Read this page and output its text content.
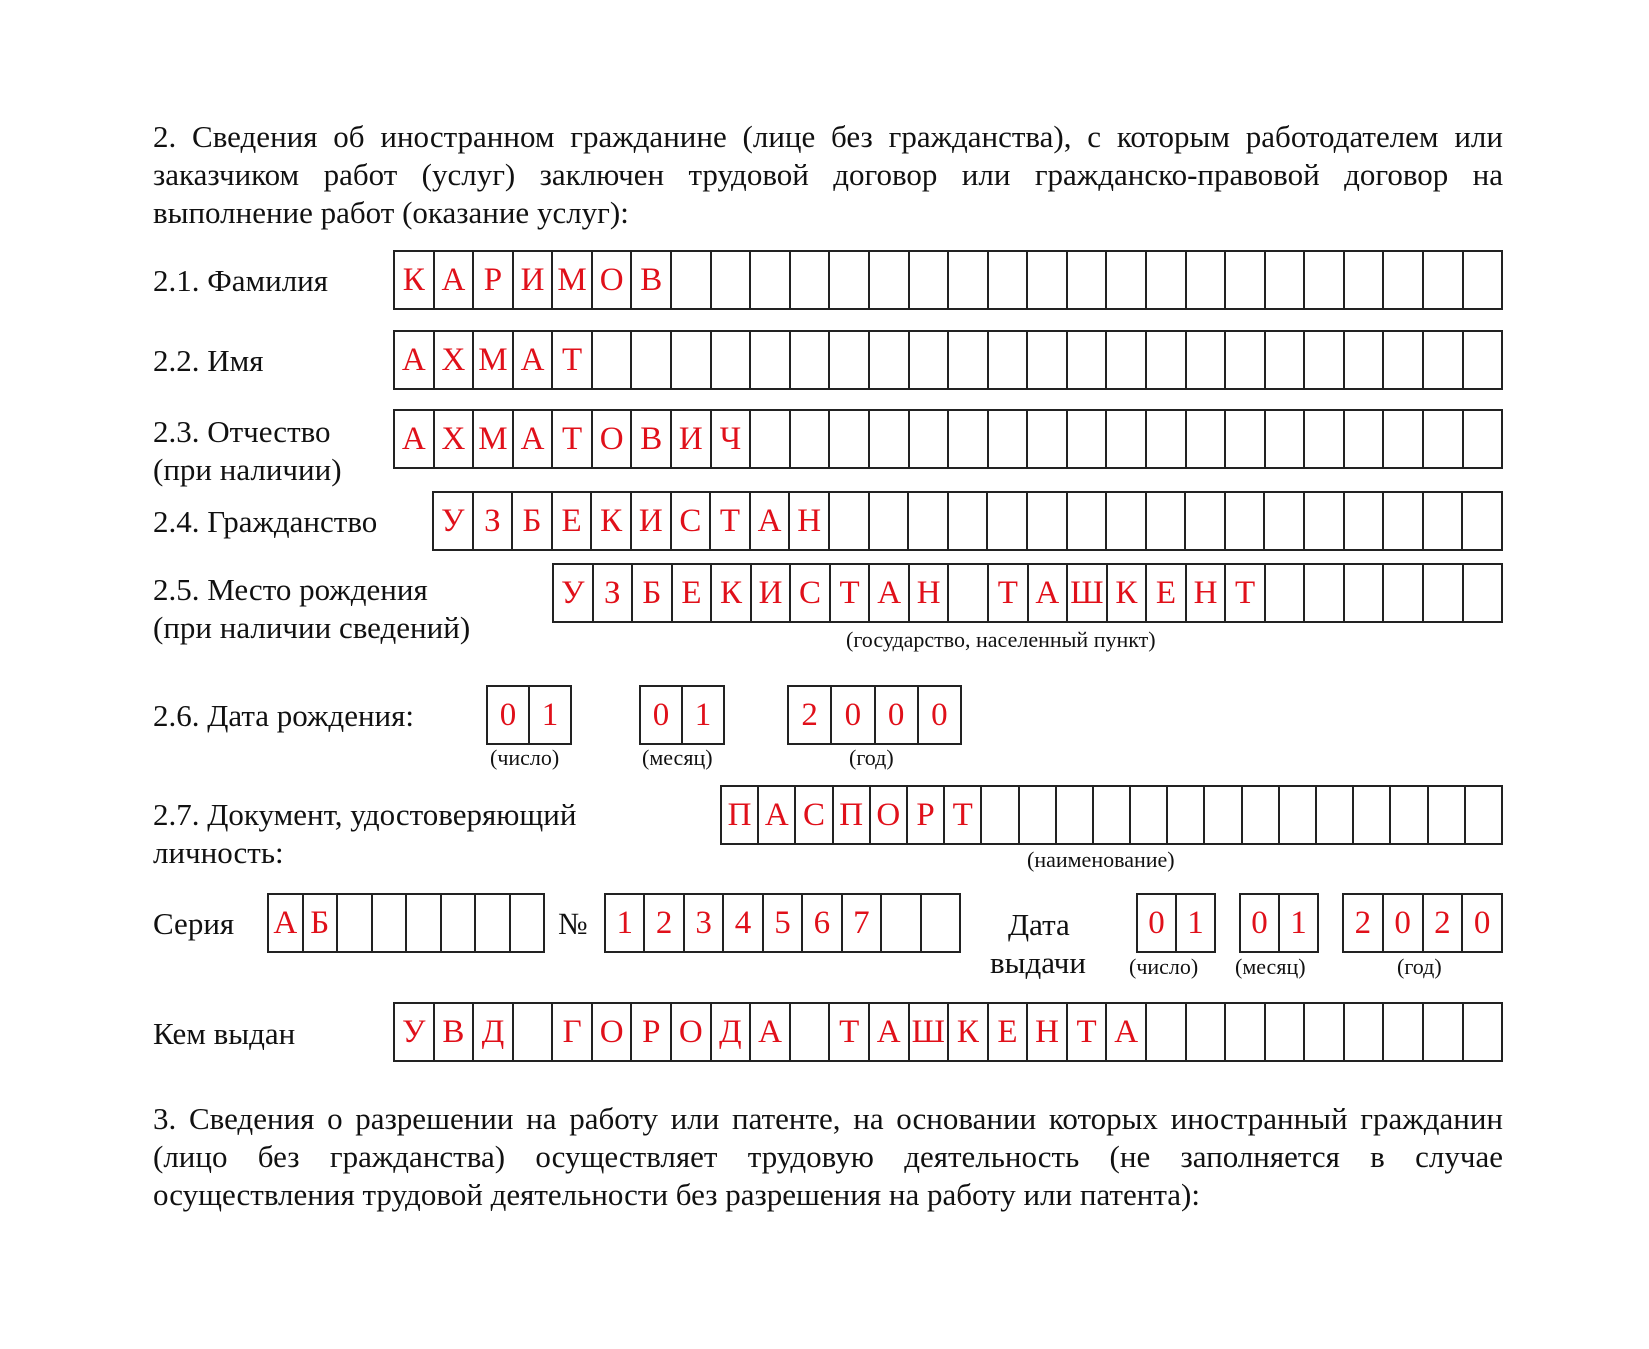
2. Сведения об иностранном гражданине (лице без гражданства), с которым работодателем или заказчиком работ (услуг) заключен трудовой договор или гражданско-правовой договор на выполнение работ (оказание услуг):

2.1. Фамилия К А Р И М О В
2.2. Имя	А Х М А Т
2.3. Отчество
(при наличии)
А Х М А Т О В И Ч
2.4. Гражданство У З Б Е К И С Т А Н
2.5. Место рождения
(при наличии сведений)
У З Б Е К И С Т А Н Т А Ш К Е Н Т
(государство, населенный пункт)
2.6. Дата рождения:	0 1	0 1	2 0 0 0
(число)	(месяц)	(год)
2.7. Документ, удостоверяющий
личность:
П А С П О Р Т
(наименование)
Серия А Б	№ 1 2 3 4 5 6 7	Дата
выдачи
0 1	0 1	2 0 2 0
(число) (месяц)	(год)
Кем выдан	У В Д Г О Р О Д А Т А Ш К Е Н Т А

3. Сведения о разрешении на работу или патенте, на основании которых иностранный гражданин (лицо без гражданства) осуществляет трудовую деятельность (не заполняется в случае осуществления трудовой деятельности без разрешения на работу или патента):
